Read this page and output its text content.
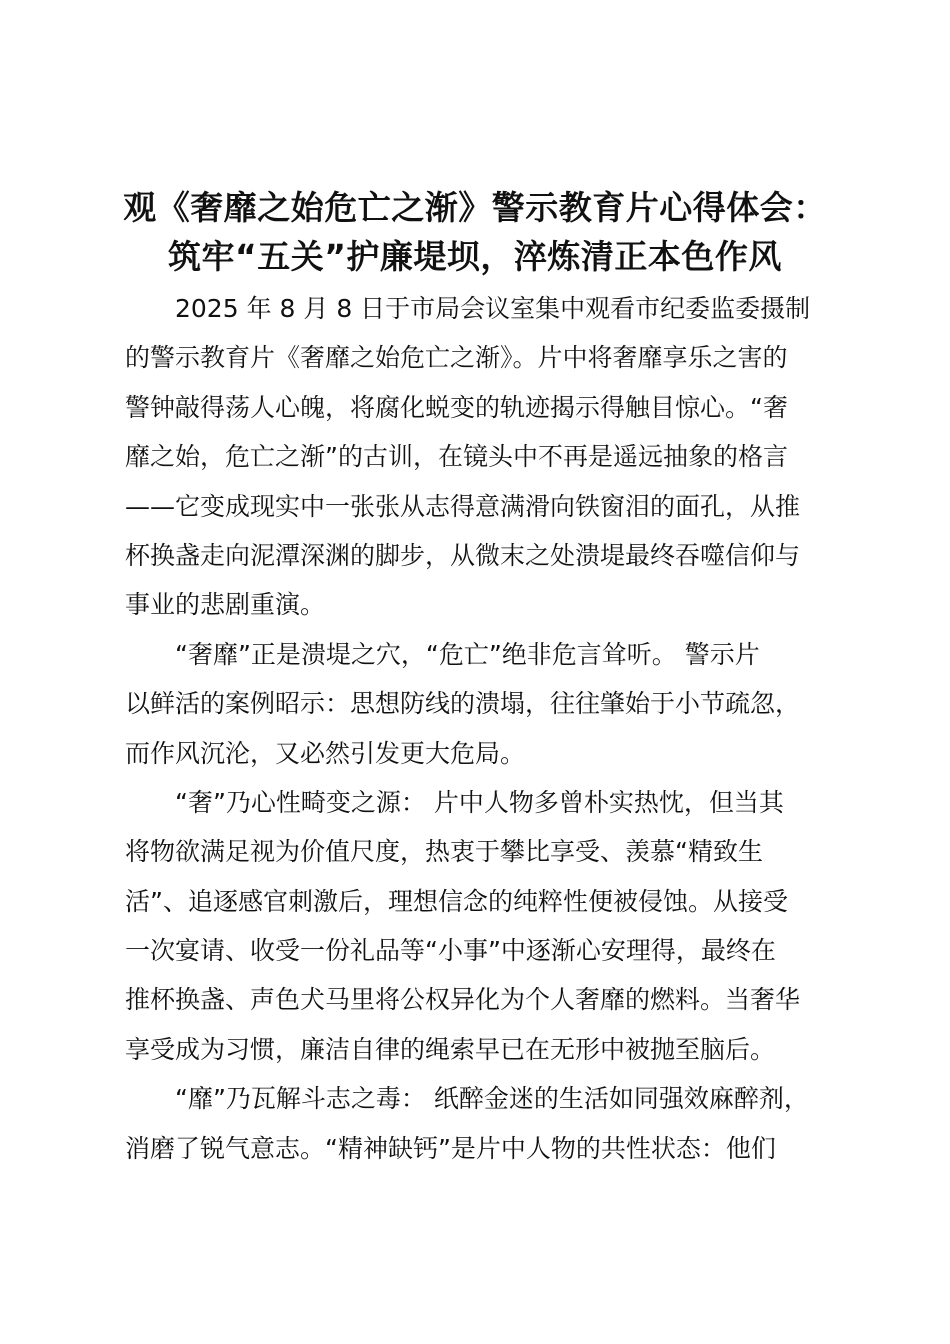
观《奢靡之始危亡之渐》警示教育片心得体会：
筑牢“五关”护廉堤坝，淬炼清正本色作风
2025 年 8 月 8 日于市局会议室集中观看市纪委监委摄制
的警示教育片《奢靡之始危亡之渐》。片中将奢靡享乐之害的
警钟敲得荡人心魄，将腐化蜕变的轨迹揭示得触目惊心。“奢
靡之始，危亡之渐”的古训，在镜头中不再是遥远抽象的格言
——它变成现实中一张张从志得意满滑向铁窗泪的面孔，从推
杯换盏走向泥潭深渊的脚步，从微末之处溃堤最终吞噬信仰与
事业的悲剧重演。
“奢靡”正是溃堤之穴，“危亡”绝非危言耸听。 警示片
以鲜活的案例昭示：思想防线的溃塌，往往肇始于小节疏忽，
而作风沉沦，又必然引发更大危局。
“奢”乃心性畸变之源： 片中人物多曾朴实热忱，但当其
将物欲满足视为价值尺度，热衷于攀比享受、羡慕“精致生
活”、追逐感官刺激后，理想信念的纯粹性便被侵蚀。从接受
一次宴请、收受一份礼品等“小事”中逐渐心安理得，最终在
推杯换盏、声色犬马里将公权异化为个人奢靡的燃料。当奢华
享受成为习惯，廉洁自律的绳索早已在无形中被抛至脑后。
“靡”乃瓦解斗志之毒： 纸醉金迷的生活如同强效麻醉剂，
消磨了锐气意志。“精神缺钙”是片中人物的共性状态：他们
